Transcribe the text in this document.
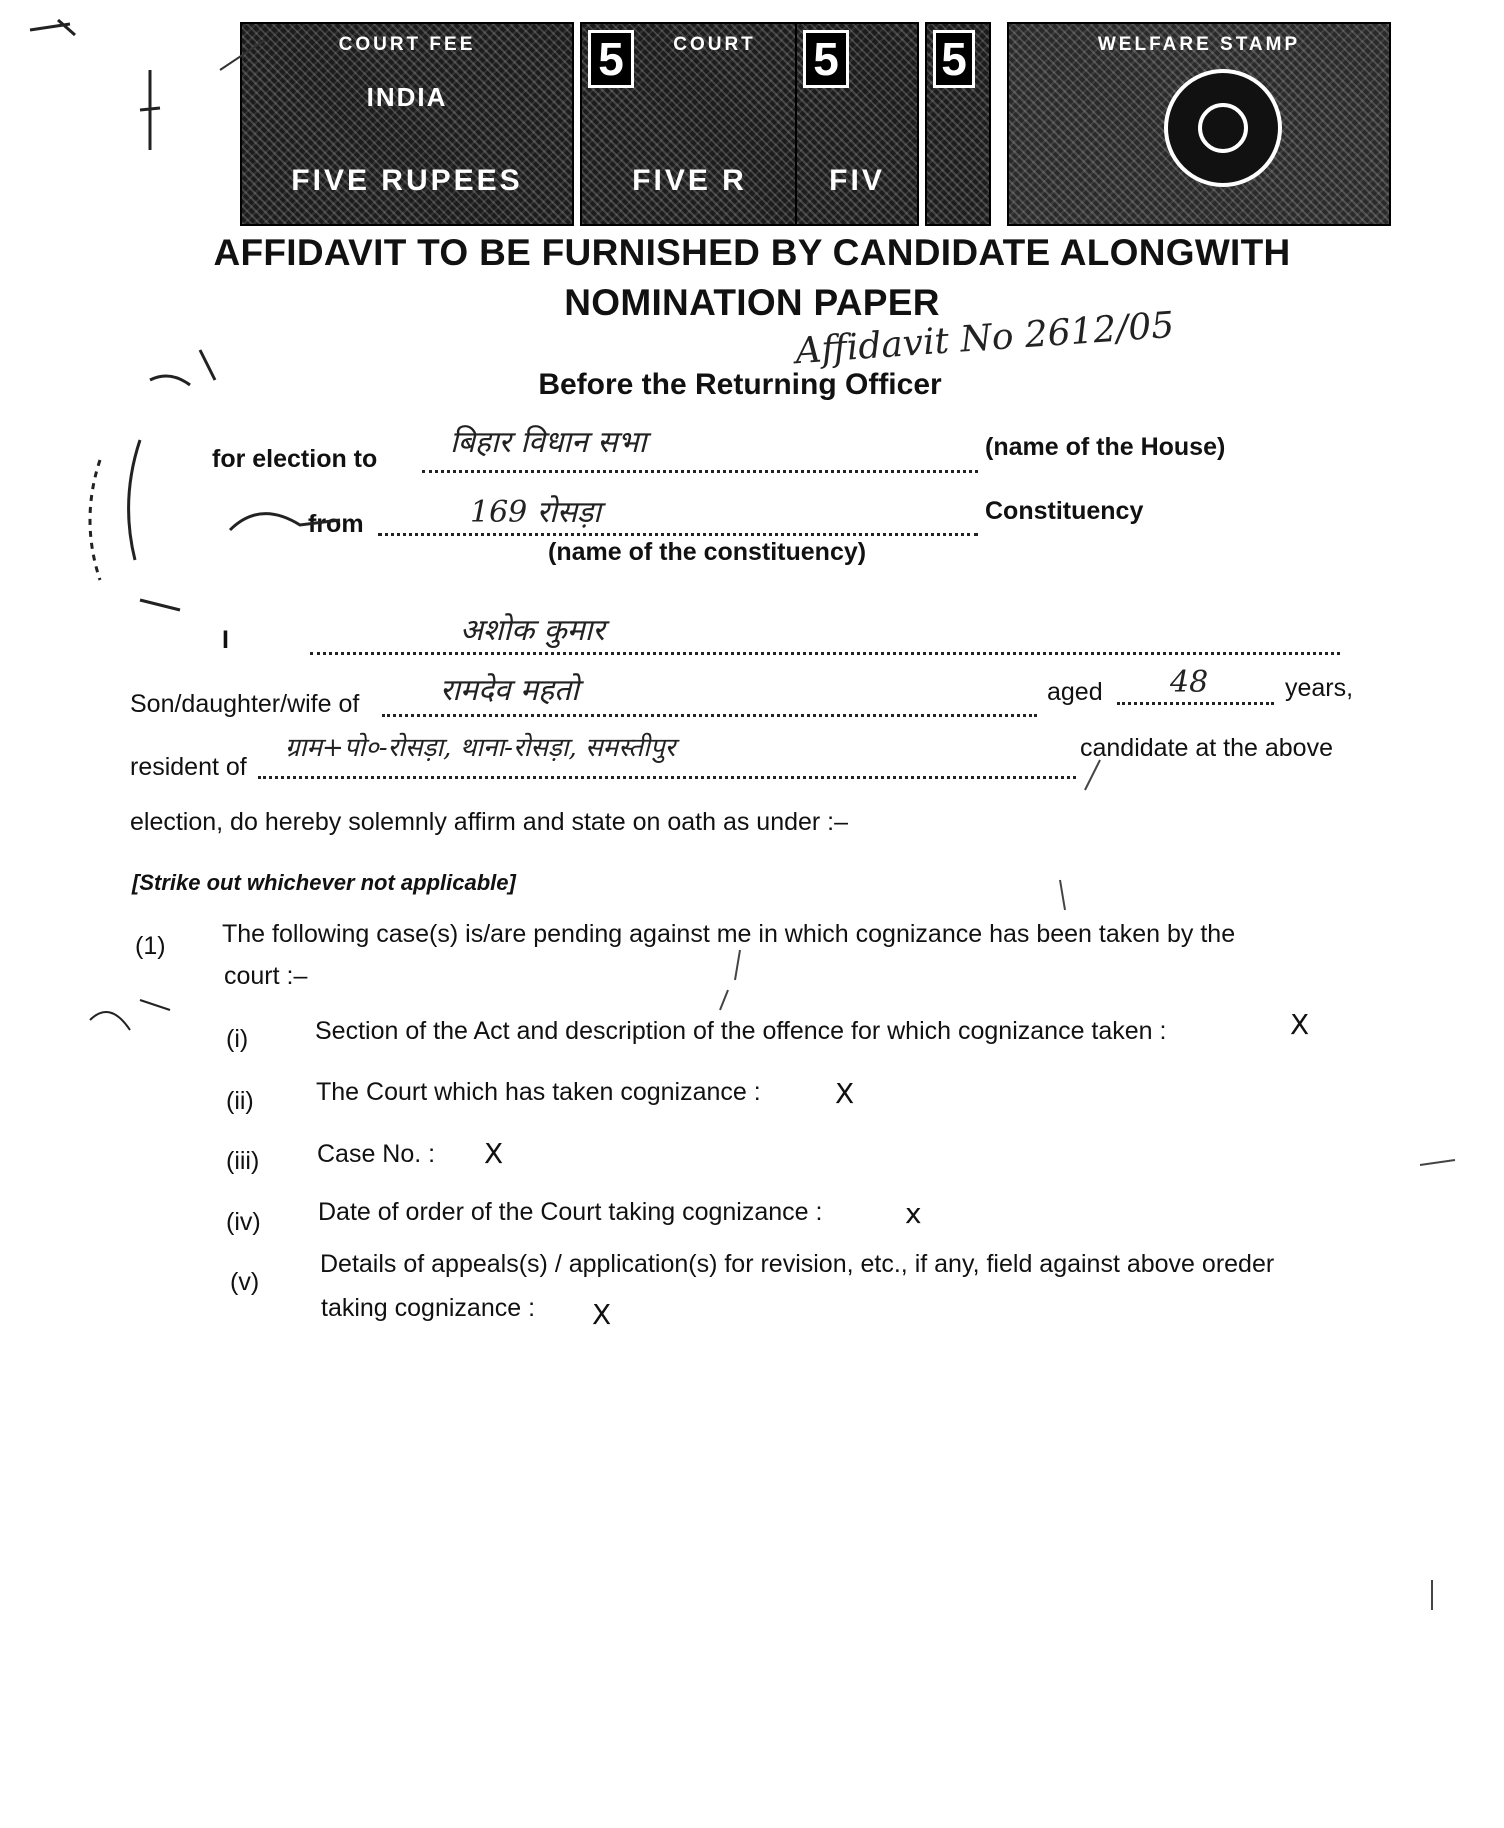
COURT FEE
INDIA
FIVE RUPEES
5	COURT
FIVE R
5
FIV
5	WELFARE STAMP
AFFIDAVIT TO BE FURNISHED BY CANDIDATE ALONGWITH
NOMINATION PAPER
Affidavit No 2612/05
Before the Returning Officer
for election to बिहार विधान सभा	(name of the House)
from	169 रोसड़ा	Constituency
(name of the constituency)
I	अशोक कुमार
Son/daughter/wife of	रामदेव महतो	aged 48	years,
resident of
ग्राम+पो०-रोसड़ा, थाना-रोसड़ा, समस्तीपुर	candidate at the above
election, do hereby solemnly affirm and state on oath as under :–
[Strike out whichever not applicable]
(1) The following case(s) is/are pending against me in which cognizance has been taken by the
court :–
(i)	Section of the Act and description of the offence for which cognizance taken :	X
(ii) The Court which has taken cognizance :	X
(iii) Case No. : X
(iv) Date of order of the Court taking cognizance :	x
(v)
Details of appeals(s) / application(s) for revision, etc., if any, field against above oreder
taking cognizance : X
